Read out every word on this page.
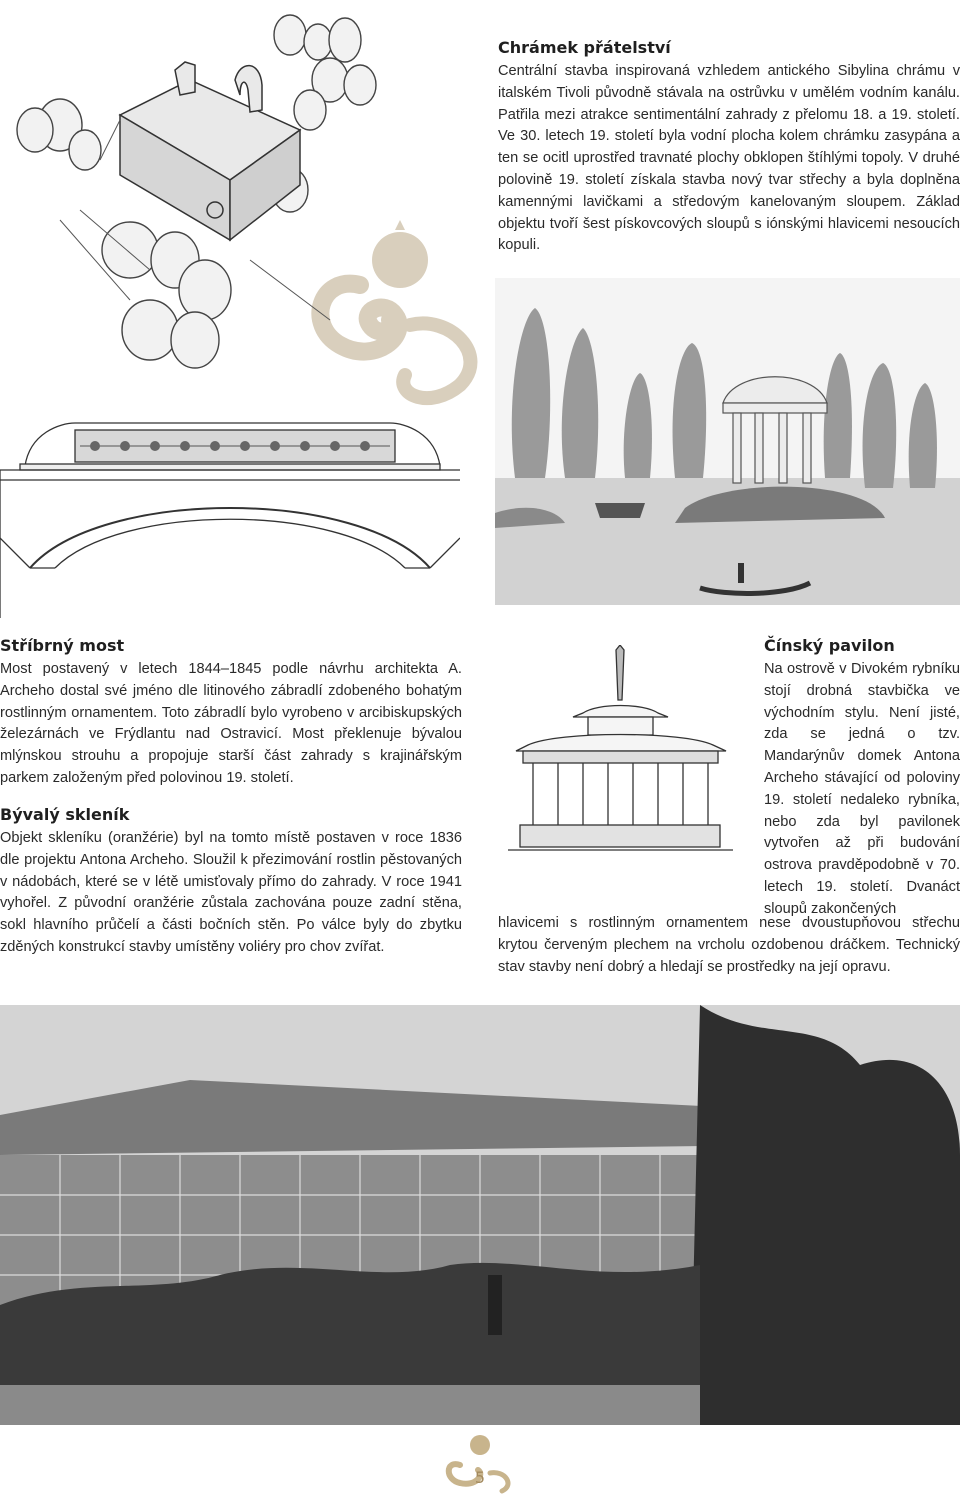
Chrámek přátelství

Centrální stavba inspirovaná vzhledem antického Sibylina chrámu v italském Tivoli původně stávala na ostrůvku v umělém vodním kanálu. Patřila mezi atrakce sentimentální zahrady z přelomu 18. a 19. století. Ve 30. letech 19. století byla vodní plocha kolem chrámku zasypána a ten se ocitl uprostřed travnaté plochy obklopen štíhlými topoly. V druhé polovině 19. století získala stavba nový tvar střechy a byla doplněna kamennými lavičkami a středovým kanelovaným sloupem. Základ objektu tvoří šest pískovcových sloupů s iónskými hlavicemi nesoucích kopuli.

Stříbrný most

Most postavený v letech 1844–1845 podle návrhu architekta A. Archeho dostal své jméno dle litinového zábradlí zdobeného bohatým rostlinným ornamentem. Toto zábradlí bylo vyrobeno v arcibiskupských železárnách ve Frýdlantu nad Ostravicí. Most překlenuje bývalou mlýnskou strouhu a propojuje starší část zahrady s krajinářským parkem založeným před polovinou 19. století.

Bývalý skleník

Objekt skleníku (oranžérie) byl na tomto místě postaven v roce 1836 dle projektu Antona Archeho. Sloužil k přezimování rostlin pěstovaných v nádobách, které se v létě umisťovaly přímo do zahrady. V roce 1941 vyhořel. Z původní oranžérie zůstala zachována pouze zadní stěna, sokl hlavního průčelí a části bočních stěn. Po válce byly do zbytku zděných konstrukcí stavby umístěny voliéry pro chov zvířat.

Čínský pavilon

Na ostrově v Divokém rybníku stojí drobná stavbička ve východním stylu. Není jisté, zda se jedná o tzv. Mandarýnův domek Antona Archeho stávající od poloviny 19. století nedaleko rybníka, nebo zda byl pavilonek vytvořen až při budování ostrova pravděpodobně v 70. letech 19. století. Dvanáct sloupů zakončených

hlavicemi s rostlinným ornamentem nese dvoustupňovou střechu krytou červeným plechem na vrcholu ozdobenou dráčkem. Technický stav stavby není dobrý a hledají se prostředky na její opravu.

5
